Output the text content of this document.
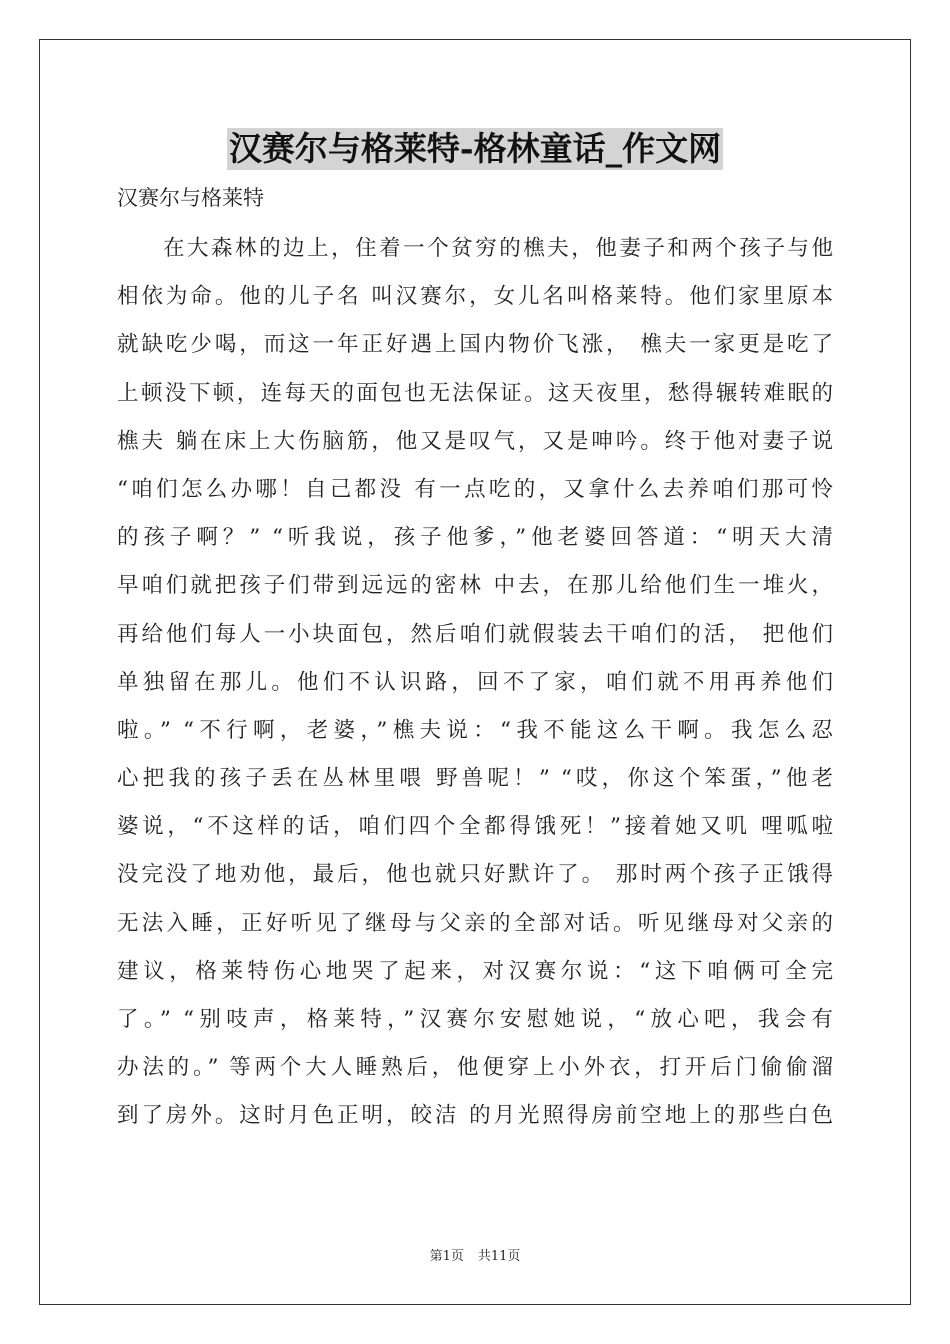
汉赛尔与格莱特-格林童话_作文网

汉赛尔与格莱特

在大森林的边上，住着一个贫穷的樵夫，他妻子和两个孩子与他
相依为命。他的儿子名 叫汉赛尔，女儿名叫格莱特。他们家里原本
就缺吃少喝，而这一年正好遇上国内物价飞涨， 樵夫一家更是吃了
上顿没下顿，连每天的面包也无法保证。这天夜里，愁得辗转难眠的
樵夫 躺在床上大伤脑筋，他又是叹气，又是呻吟。终于他对妻子说
“咱们怎么办哪！自己都没 有一点吃的，又拿什么去养咱们那可怜
的孩子啊？” “听我说，孩子他爹，”他老婆回答道：“明天大清
早咱们就把孩子们带到远远的密林 中去，在那儿给他们生一堆火，
再给他们每人一小块面包，然后咱们就假装去干咱们的活， 把他们
单独留在那儿。他们不认识路，回不了家，咱们就不用再养他们
啦。” “不行啊，老婆，”樵夫说：“我不能这么干啊。我怎么忍
心把我的孩子丢在丛林里喂 野兽呢！” “哎，你这个笨蛋，”他老
婆说，“不这样的话，咱们四个全都得饿死！”接着她又叽 哩呱啦
没完没了地劝他，最后，他也就只好默许了。 那时两个孩子正饿得
无法入睡，正好听见了继母与父亲的全部对话。听见继母对父亲的
建议，格莱特伤心地哭了起来，对汉赛尔说：“这下咱俩可全完
了。” “别吱声，格莱特，”汉赛尔安慰她说，“放心吧，我会有
办法的。” 等两个大人睡熟后，他便穿上小外衣，打开后门偷偷溜
到了房外。这时月色正明，皎洁 的月光照得房前空地上的那些白色
第1页 共11页
